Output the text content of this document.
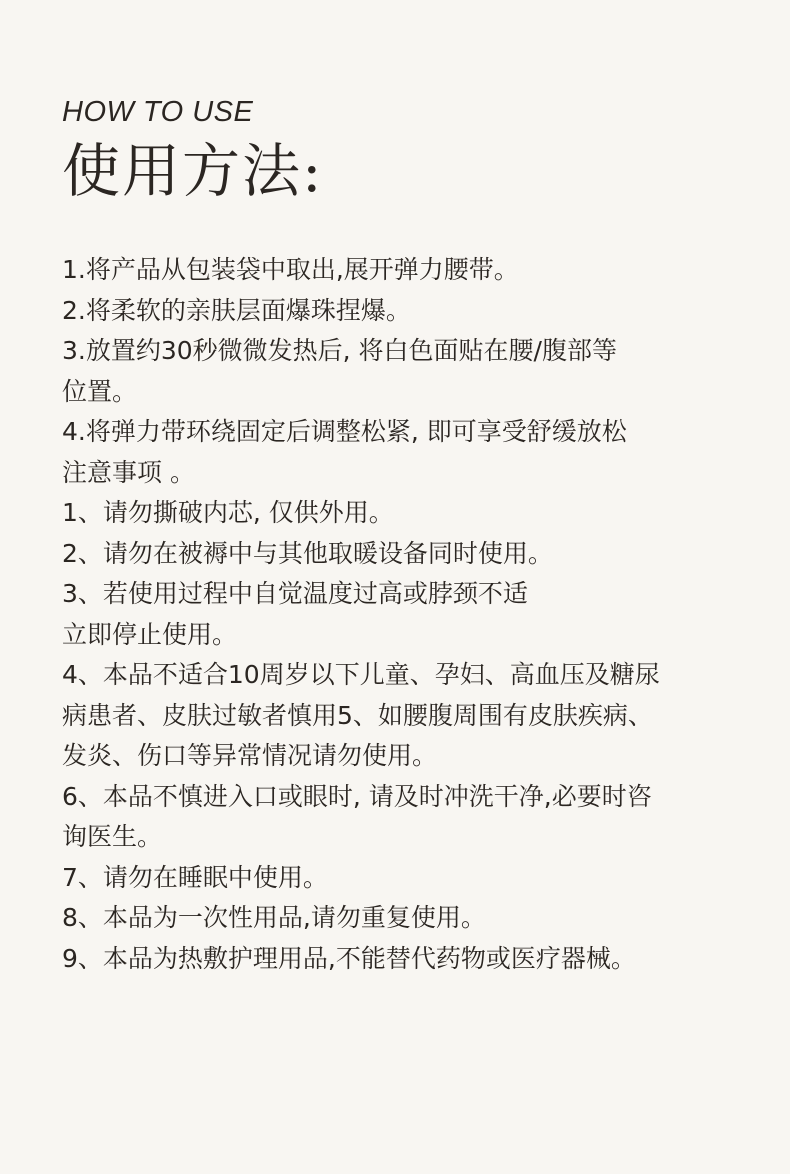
HOW TO USE
使用方法:
1.将产品从包装袋中取出,展开弹力腰带。
2.将柔软的亲肤层面爆珠捏爆。
3.放置约30秒微微发热后, 将白色面贴在腰/腹部等
位置。
4.将弹力带环绕固定后调整松紧, 即可享受舒缓放松
注意事项 。
1、请勿撕破内芯, 仅供外用。
2、请勿在被褥中与其他取暖设备同时使用。
3、若使用过程中自觉温度过高或脖颈不适
立即停止使用。
4、本品不适合10周岁以下儿童、孕妇、高血压及糖尿
病患者、皮肤过敏者慎用5、如腰腹周围有皮肤疾病、
发炎、伤口等异常情况请勿使用。
6、本品不慎进入口或眼时, 请及时冲洗干净,必要时咨
询医生。
7、请勿在睡眠中使用。
8、本品为一次性用品,请勿重复使用。
9、本品为热敷护理用品,不能替代药物或医疗器械。
